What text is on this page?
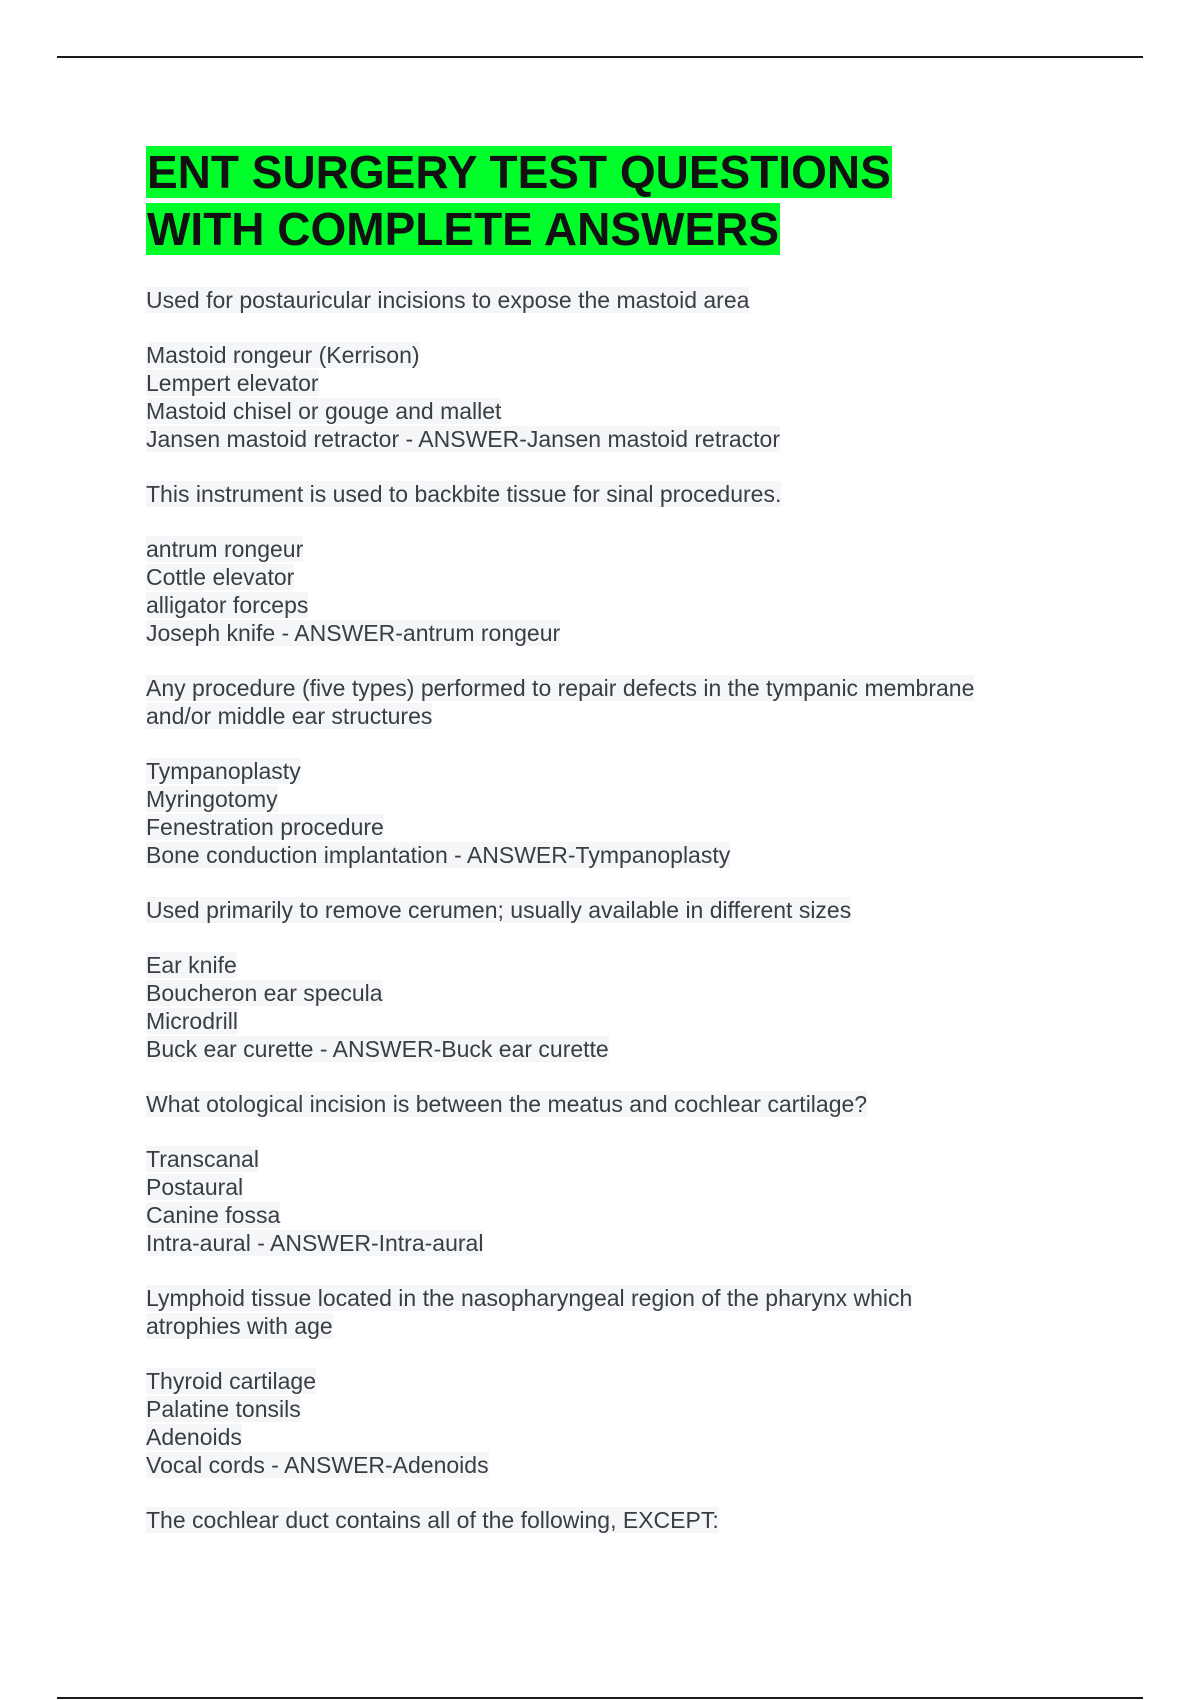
ENT SURGERY TEST QUESTIONS
WITH COMPLETE ANSWERS
Used for postauricular incisions to expose the mastoid area
Mastoid rongeur (Kerrison)
Lempert elevator
Mastoid chisel or gouge and mallet
Jansen mastoid retractor - ANSWER-Jansen mastoid retractor
This instrument is used to backbite tissue for sinal procedures.
antrum rongeur
Cottle elevator
alligator forceps
Joseph knife - ANSWER-antrum rongeur
Any procedure (five types) performed to repair defects in the tympanic membrane
and/or middle ear structures
Tympanoplasty
Myringotomy
Fenestration procedure
Bone conduction implantation - ANSWER-Tympanoplasty
Used primarily to remove cerumen; usually available in different sizes
Ear knife
Boucheron ear specula
Microdrill
Buck ear curette - ANSWER-Buck ear curette
What otological incision is between the meatus and cochlear cartilage?
Transcanal
Postaural
Canine fossa
Intra-aural - ANSWER-Intra-aural
Lymphoid tissue located in the nasopharyngeal region of the pharynx which
atrophies with age
Thyroid cartilage
Palatine tonsils
Adenoids
Vocal cords - ANSWER-Adenoids
The cochlear duct contains all of the following, EXCEPT:
